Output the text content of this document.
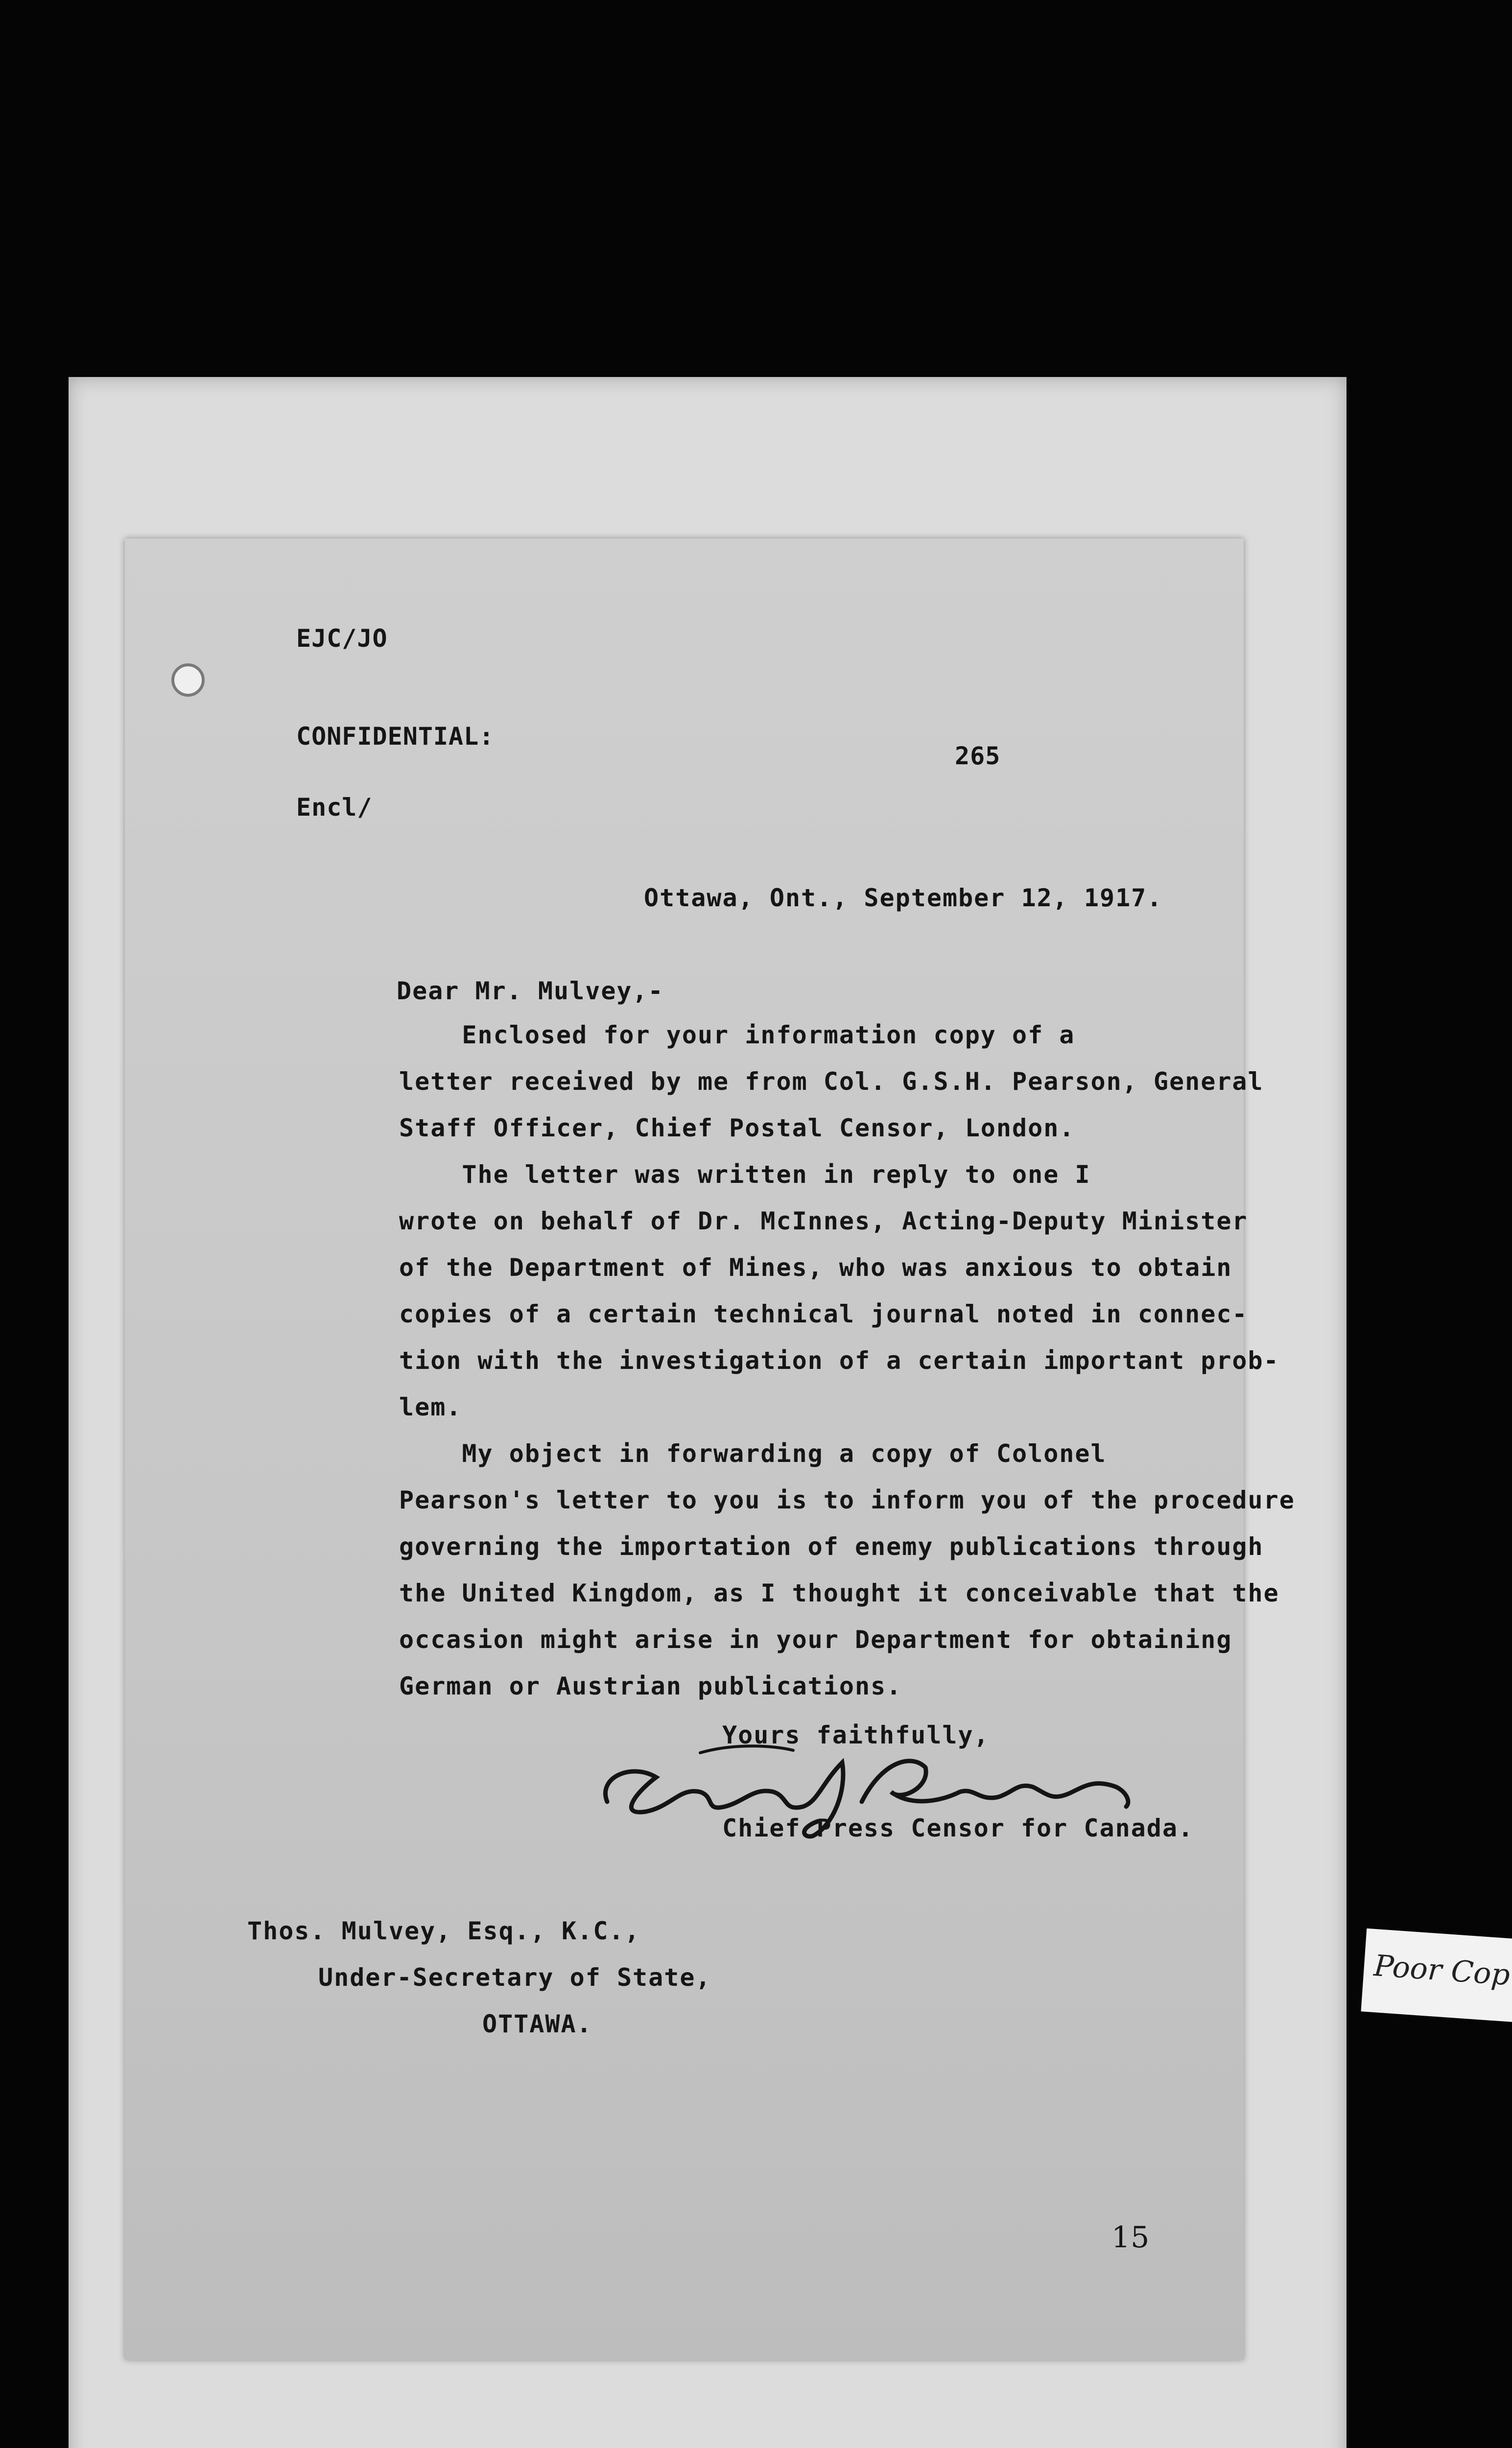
EJC/JO
CONFIDENTIAL:
265
Encl/
Ottawa, Ont., September 12, 1917.
Dear Mr. Mulvey,-
Enclosed for your information copy of a
letter received by me from Col. G.S.H. Pearson, General
Staff Officer, Chief Postal Censor, London.
The letter was written in reply to one I
wrote on behalf of Dr. McInnes, Acting-Deputy Minister
of the Department of Mines, who was anxious to obtain
copies of a certain technical journal noted in connec-
tion with the investigation of a certain important prob-
lem.
My object in forwarding a copy of Colonel
Pearson's letter to you is to inform you of the procedure
governing the importation of enemy publications through
the United Kingdom, as I thought it conceivable that the
occasion might arise in your Department for obtaining
German or Austrian publications.
Yours faithfully,
Chief Press Censor for Canada.
Thos. Mulvey, Esq., K.C.,
Under-Secretary of State,
OTTAWA.
15
Poor Cop
